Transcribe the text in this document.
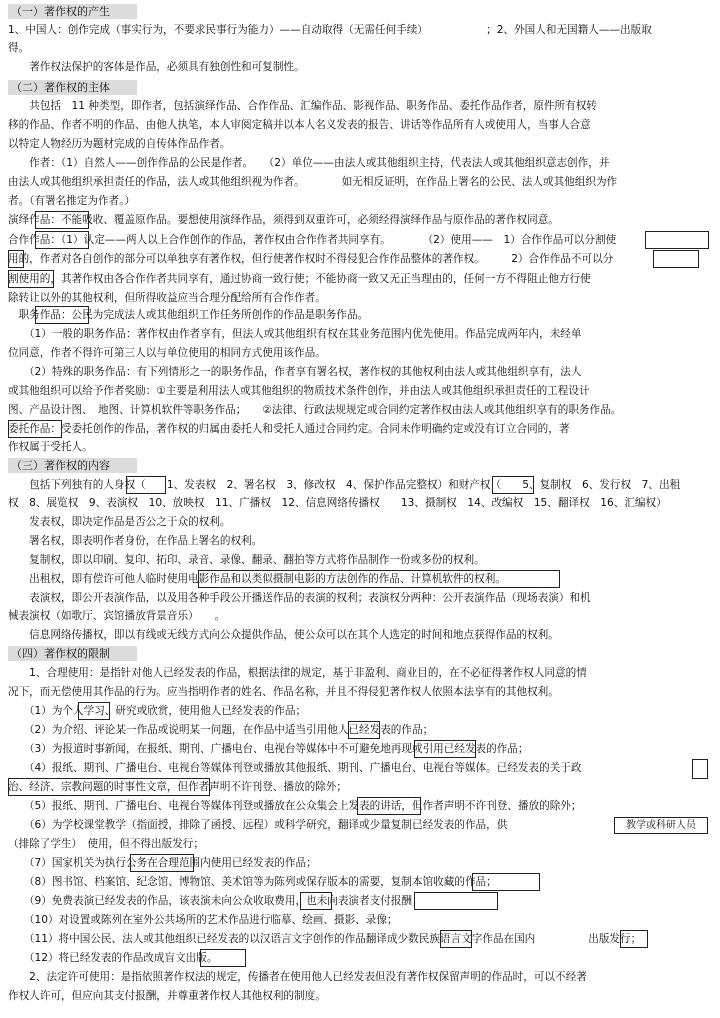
（一）著作权的产生
1、中国人：创作完成（事实行为，不要求民事行为能力）——自动取得（无需任何手续）　　　　　　；2、外国人和无国籍人——出版取
得。
　　著作权法保护的客体是作品，必须具有独创性和可复制性。
（二）著作权的主体
　　共包括　11 种类型，即作者，包括演绎作品、合作作品、汇编作品、影视作品、职务作品、委托作品作者，原件所有权转
移的作品、作者不明的作品、由他人执笔，本人审阅定稿并以本人名义发表的报告、讲话等作品所有人或使用人，当事人合意
以特定人物经历为题材完成的自传体作品作者。
　　作者：（1）自然人——创作作品的公民是作者。　　（2）单位——由法人或其他组织主持，代表法人或其他组织意志创作，并
由法人或其他组织承担责任的作品，法人或其他组织视为作者。　　　　如无相反证明，在作品上署名的公民、法人或其他组织为作
者。（有署名推定为作者。）
演绎作品：不能吸收、覆盖原作品。要想使用演绎作品，须得到双重许可，必须经得演绎作品与原作品的著作权同意。
合作作品：（1）认定——两人以上合作创作的作品，著作权由合作作者共同享有。　　　　（2）使用——　1）合作作品可以分割使
用的，作者对各自创作的部分可以单独享有著作权，但行使著作权时不得侵犯合作作品整体的著作权。　　　2）合作作品不可以分
割使用的，其著作权由各合作作者共同享有，通过协商一致行使；不能协商一致又无正当理由的，任何一方不得阻止他方行使
除转让以外的其他权利，但所得收益应当合理分配给所有合作作者。
　职务作品：公民为完成法人或其他组织工作任务所创作的作品是职务作品。
　　（1）一般的职务作品：著作权由作者享有，但法人或其他组织有权在其业务范围内优先使用。作品完成两年内，未经单
位同意，作者不得许可第三人以与单位使用的相同方式使用该作品。
　　（2）特殊的职务作品：有下列情形之一的职务作品，作者享有署名权，著作权的其他权利由法人或其他组织享有，法人
或其他组织可以给予作者奖励：①主要是利用法人或其他组织的物质技术条件创作，并由法人或其他组织承担责任的工程设计
图、产品设计图、　地图、计算机软件等职务作品；　　②法律、行政法规规定或合同约定著作权由法人或其他组织享有的职务作品。
委托作品：受委托创作的作品，著作权的归属由委托人和受托人通过合同约定。合同未作明确约定或没有订立合同的，著
作权属于受托人。
（三）著作权的内容
　　包括下列独有的人身权（　　1、发表权　2、署名权　3、修改权　4、保护作品完整权）和财产权（　　5、复制权　6、发行权　7、出租
权　8、展览权　9、表演权　10、放映权　11、广播权　12、信息网络传播权　　13、摄制权　14、改编权　15、翻译权　16、汇编权）
　　发表权，即决定作品是否公之于众的权利。
　　署名权，即表明作者身份，在作品上署名的权利。
　　复制权，即以印刷、复印、拓印、录音、录像、翻录、翻拍等方式将作品制作一份或多份的权利。
　　出租权，即有偿许可他人临时使用电影作品和以类似摄制电影的方法创作的作品、计算机软件的权利。
　　表演权，即公开表演作品，以及用各种手段公开播送作品的表演的权利；表演权分两种：公开表演作品（现场表演）和机
械表演权（如歌厅、宾馆播放背景音乐）　　。
　　信息网络传播权，即以有线或无线方式向公众提供作品，使公众可以在其个人选定的时间和地点获得作品的权利。
（四）著作权的限制
　　1、合理使用：是指针对他人已经发表的作品，根据法律的规定，基于非盈利、商业目的，在不必征得著作权人同意的情
况下，而无偿使用其作品的行为。应当指明作者的姓名、作品名称，并且不得侵犯著作权人依照本法享有的其他权利。
　　（1）为个人学习、研究或欣赏，使用他人已经发表的作品；
　　（2）为介绍、评论某一作品或说明某一问题，在作品中适当引用他人已经发表的作品；
　　（3）为报道时事新闻，在报纸、期刊、广播电台、电视台等媒体中不可避免地再现或引用已经发表的作品；
　　（4）报纸、期刊、广播电台、电视台等媒体刊登或播放其他报纸、期刊、广播电台、电视台等媒体。已经发表的关于政
治、经济、宗教问题的时事性文章，但作者声明不许刊登、播放的除外；
　　（5）报纸、期刊、广播电台、电视台等媒体刊登或播放在公众集会上发表的讲话，但作者声明不许刊登、播放的除外；
　　（6）为学校课堂教学（指面授，排除了函授、远程）或科学研究，翻译或少量复制已经发表的作品，供
（排除了学生）　使用，但不得出版发行；
　　（7）国家机关为执行公务在合理范围内使用已经发表的作品；
　　（8）图书馆、档案馆、纪念馆、博物馆、美术馆等为陈列或保存版本的需要，复制本馆收藏的作品；
　　（9）免费表演已经发表的作品，该表演未向公众收取费用，也未向表演者支付报酬；
　　（10）对设置或陈列在室外公共场所的艺术作品进行临摹、绘画、摄影、录像；
　　（11）将中国公民、法人或其他组织已经发表的以汉语言文字创作的作品翻译成少数民族语言文字作品在国内　　　　　出版发行；
　　（12）将已经发表的作品改成盲文出版。
　　2、法定许可使用：是指依照著作权法的规定，传播者在使用他人已经发表但没有著作权保留声明的作品时，可以不经著
作权人许可，但应向其支付报酬，并尊重著作权人其他权利的制度。
教学或科研人员
